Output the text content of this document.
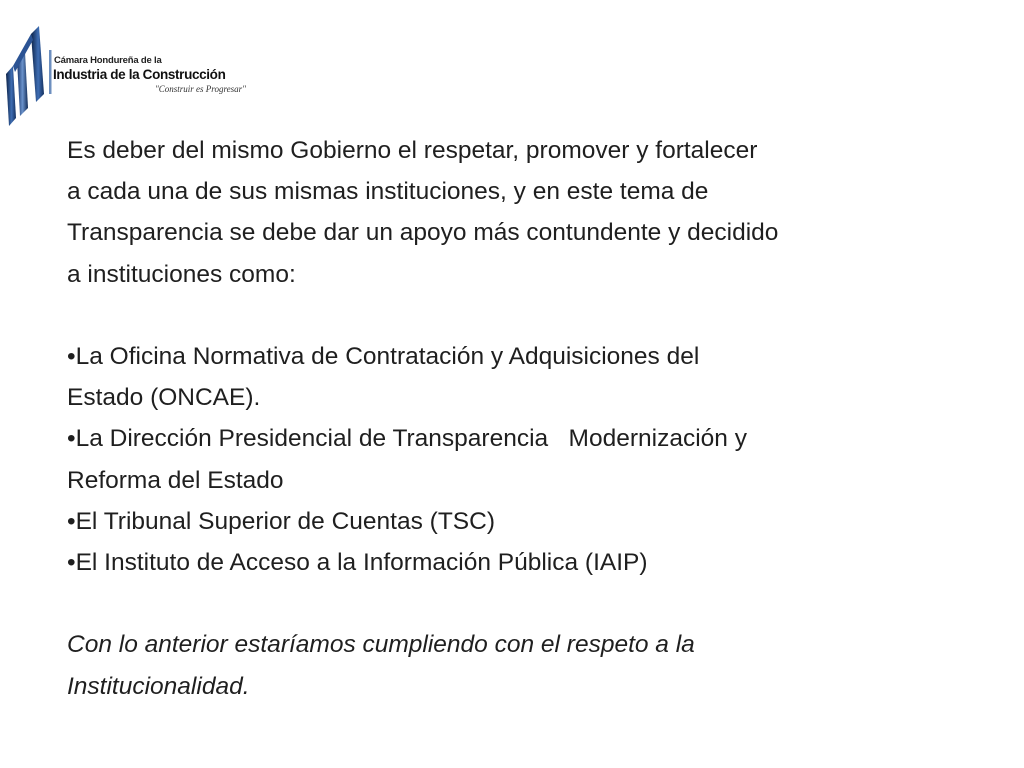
Cámara Hondureña de la
Industria de la Construcción
"Construir es Progresar"

Es deber del mismo Gobierno el respetar, promover y fortalecer

a cada una de sus mismas instituciones, y en este tema de

Transparencia se debe dar un apoyo más contundente y decidido

a instituciones como:

•La Oficina Normativa de Contratación y Adquisiciones del

Estado (ONCAE).

•La Dirección Presidencial de Transparencia   Modernización y

Reforma del Estado

•El Tribunal Superior de Cuentas (TSC)

•El Instituto de Acceso a la Información Pública (IAIP)

Con lo anterior estaríamos cumpliendo con el respeto a la

Institucionalidad.
